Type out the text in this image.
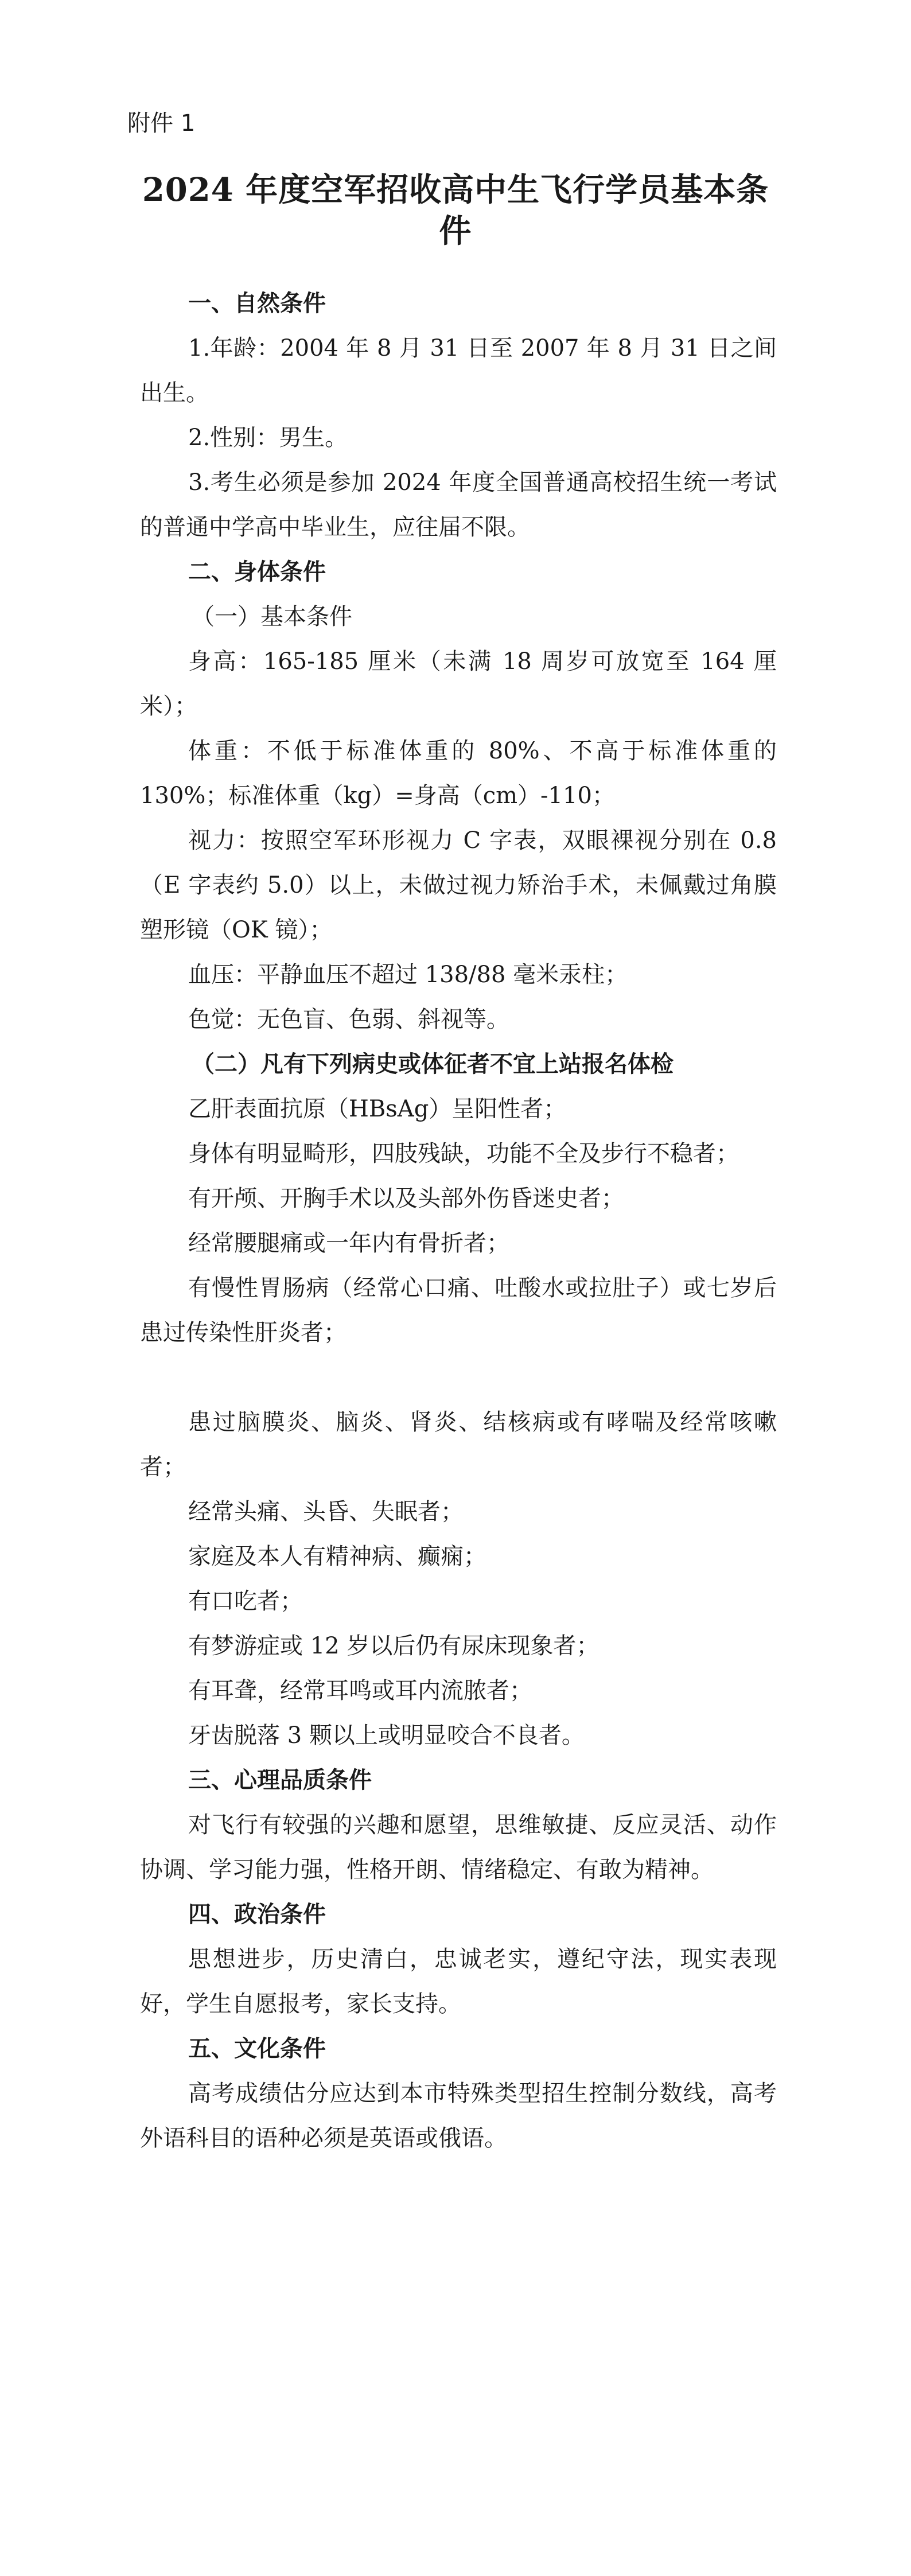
附件 1
2024 年度空军招收高中生飞行学员基本条件

一、自然条件

1.年龄：2004 年 8 月 31 日至 2007 年 8 月 31 日之间出生。

2.性别：男生。

3.考生必须是参加 2024 年度全国普通高校招生统一考试的普通中学高中毕业生，应往届不限。

二、身体条件

（一）基本条件

身高：165-185 厘米（未满 18 周岁可放宽至 164 厘米）；

体重：不低于标准体重的 80%、不高于标准体重的 130%；标准体重（kg）=身高（cm）-110；

视力：按照空军环形视力 C 字表，双眼裸视分别在 0.8（E 字表约 5.0）以上，未做过视力矫治手术，未佩戴过角膜塑形镜（OK 镜）；

血压：平静血压不超过 138/88 毫米汞柱；

色觉：无色盲、色弱、斜视等。

（二）凡有下列病史或体征者不宜上站报名体检

乙肝表面抗原（HBsAg）呈阳性者；

身体有明显畸形，四肢残缺，功能不全及步行不稳者；

有开颅、开胸手术以及头部外伤昏迷史者；

经常腰腿痛或一年内有骨折者；

有慢性胃肠病（经常心口痛、吐酸水或拉肚子）或七岁后患过传染性肝炎者；

患过脑膜炎、脑炎、肾炎、结核病或有哮喘及经常咳嗽者；

经常头痛、头昏、失眠者；

家庭及本人有精神病、癫痫；

有口吃者；

有梦游症或 12 岁以后仍有尿床现象者；

有耳聋，经常耳鸣或耳内流脓者；

牙齿脱落 3 颗以上或明显咬合不良者。

三、心理品质条件

对飞行有较强的兴趣和愿望，思维敏捷、反应灵活、动作协调、学习能力强，性格开朗、情绪稳定、有敢为精神。

四、政治条件

思想进步，历史清白，忠诚老实，遵纪守法，现实表现好，学生自愿报考，家长支持。

五、文化条件

高考成绩估分应达到本市特殊类型招生控制分数线，高考外语科目的语种必须是英语或俄语。
